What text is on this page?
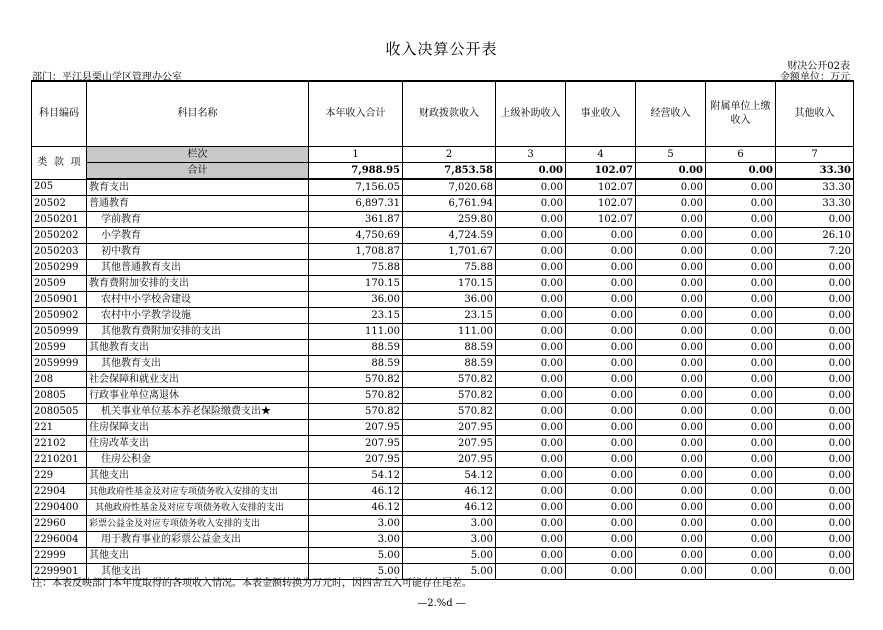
收入决算公开表
财决公开02表
部门：平江县栗山学区管理办公室	金额单位：万元
科目编码	科目名称	本年收入合计	财政拨款收入	上级补助收入	事业收入	经营收入	附属单位上缴收入	其他收入

类 款 项	栏次	1	2	3	4	5	6	7
	合计	7,988.95	7,853.58	0.00	102.07	0.00	0.00	33.30
205	教育支出	7,156.05	7,020.68	0.00	102.07	0.00	0.00	33.30
20502	普通教育	6,897.31	6,761.94	0.00	102.07	0.00	0.00	33.30
2050201	学前教育	361.87	259.80	0.00	102.07	0.00	0.00	0.00
2050202	小学教育	4,750.69	4,724.59	0.00	0.00	0.00	0.00	26.10
2050203	初中教育	1,708.87	1,701.67	0.00	0.00	0.00	0.00	7.20
2050299	其他普通教育支出	75.88	75.88	0.00	0.00	0.00	0.00	0.00
20509	教育费附加安排的支出	170.15	170.15	0.00	0.00	0.00	0.00	0.00
2050901	农村中小学校舍建设	36.00	36.00	0.00	0.00	0.00	0.00	0.00
2050902	农村中小学教学设施	23.15	23.15	0.00	0.00	0.00	0.00	0.00
2050999	其他教育费附加安排的支出	111.00	111.00	0.00	0.00	0.00	0.00	0.00
20599	其他教育支出	88.59	88.59	0.00	0.00	0.00	0.00	0.00
2059999	其他教育支出	88.59	88.59	0.00	0.00	0.00	0.00	0.00
208	社会保障和就业支出	570.82	570.82	0.00	0.00	0.00	0.00	0.00
20805	行政事业单位离退休	570.82	570.82	0.00	0.00	0.00	0.00	0.00
2080505	机关事业单位基本养老保险缴费支出★	570.82	570.82	0.00	0.00	0.00	0.00	0.00
221	住房保障支出	207.95	207.95	0.00	0.00	0.00	0.00	0.00
22102	住房改革支出	207.95	207.95	0.00	0.00	0.00	0.00	0.00
2210201	住房公积金	207.95	207.95	0.00	0.00	0.00	0.00	0.00
229	其他支出	54.12	54.12	0.00	0.00	0.00	0.00	0.00
22904	其他政府性基金及对应专项债务收入安排的支出	46.12	46.12	0.00	0.00	0.00	0.00	0.00
2290400	其他政府性基金及对应专项债务收入安排的支出	46.12	46.12	0.00	0.00	0.00	0.00	0.00
22960	彩票公益金及对应专项债务收入安排的支出	3.00	3.00	0.00	0.00	0.00	0.00	0.00
2296004	用于教育事业的彩票公益金支出	3.00	3.00	0.00	0.00	0.00	0.00	0.00
22999	其他支出	5.00	5.00	0.00	0.00	0.00	0.00	0.00
2299901	其他支出	5.00	5.00	0.00	0.00	0.00	0.00	0.00
注：本表反映部门本年度取得的各项收入情况。本表金额转换为万元时，因四舍五入可能存在尾差。
—2.%d —
